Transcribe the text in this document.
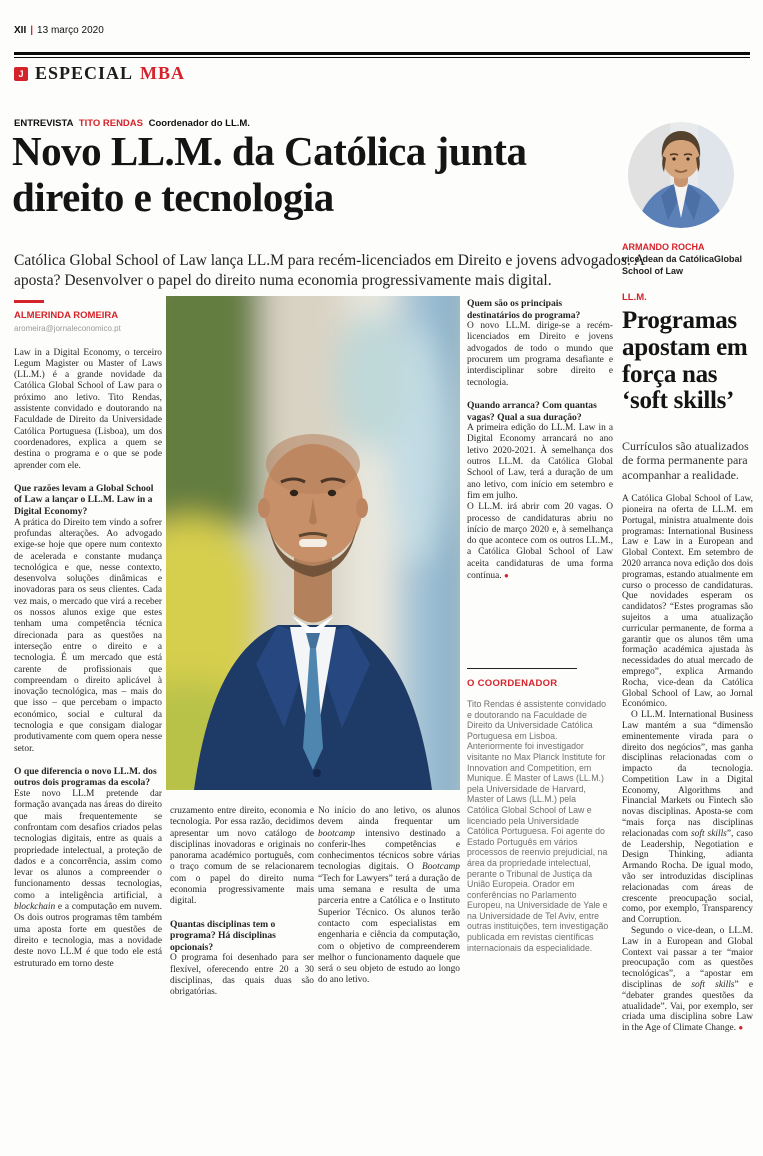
XII | 13 março 2020
J ESPECIAL MBA
ENTREVISTA TITO RENDAS Coordenador do LL.M.
Novo LL.M. da Católica junta direito e tecnologia

Católica Global School of Law lança LL.M para recém-licenciados em Direito e jovens advogados. A aposta? Desenvolver o papel do direito numa economia progressivamente mais digital.

ALMERINDA ROMEIRA
aromeira@jornaleconomico.pt

Law in a Digital Economy, o terceiro Legum Magister ou Master of Laws (LL.M.) é a grande novidade da Católica Global School of Law para o próximo ano letivo. Tito Rendas, assistente convidado e doutorando na Faculdade de Direito da Universidade Católica Portuguesa (Lisboa), um dos coordenadores, explica a quem se destina o programa e o que se pode aprender com ele.

Que razões levam a Global School of Law a lançar o LL.M. Law in a Digital Economy?

A prática do Direito tem vindo a sofrer profundas alterações. Ao advogado exige-se hoje que opere num contexto de acelerada e constante mudança tecnológica e que, nesse contexto, desenvolva soluções dinâmicas e inovadoras para os seus clientes. Cada vez mais, o mercado que virá a receber os nossos alunos exige que estes tenham uma competência técnica direcionada para as questões na interseção entre o direito e a tecnologia. É um mercado que está carente de profissionais que compreendam o direito aplicável à inovação tecnológica, mas – mais do que isso – que percebam o impacto económico, social e cultural da tecnologia e que consigam dialogar produtivamente com quem opera nesse setor.

O que diferencia o novo LL.M. dos outros dois programas da escola?

Este novo LL.M pretende dar formação avançada nas áreas do direito que mais frequentemente se confrontam com desafios criados pelas tecnologias digitais, entre as quais a propriedade intelectual, a proteção de dados e a concorrência, assim como levar os alunos a compreender o funcionamento dessas tecnologias, como a inteligência artificial, a blockchain e a computação em nuvem. Os dois outros programas têm também uma aposta forte em questões de direito e tecnologia, mas a novidade deste novo LL.M é que todo ele está estruturado em torno deste

cruzamento entre direito, economia e tecnologia. Por essa razão, decidimos apresentar um novo catálogo de disciplinas inovadoras e originais no panorama académico português, com o traço comum de se relacionarem com o papel do direito numa economia progressivamente mais digital.

Quantas disciplinas tem o programa? Há disciplinas opcionais?

O programa foi desenhado para ser flexível, oferecendo entre 20 a 30 disciplinas, das quais duas são obrigatórias.

No início do ano letivo, os alunos devem ainda frequentar um bootcamp intensivo destinado a conferir-lhes competências e conhecimentos técnicos sobre várias tecnologias digitais. O Bootcamp “Tech for Lawyers” terá a duração de uma semana e resulta de uma parceria entre a Católica e o Instituto Superior Técnico. Os alunos terão contacto com especialistas em engenharia e ciência da computação, com o objetivo de compreenderem melhor o funcionamento daquele que será o seu objeto de estudo ao longo do ano letivo.

Quem são os principais destinatários do programa?

O novo LL.M. dirige-se a recém-licenciados em Direito e jovens advogados de todo o mundo que procurem um programa desafiante e interdisciplinar sobre direito e tecnologia.

Quando arranca? Com quantas vagas? Qual a sua duração?

A primeira edição do LL.M. Law in a Digital Economy arrancará no ano letivo 2020-2021. À semelhança dos outros LL.M. da Católica Global School of Law, terá a duração de um ano letivo, com início em setembro e fim em julho.

O LL.M. irá abrir com 20 vagas. O processo de candidaturas abriu no início de março 2020 e, à semelhança do que acontece com os outros LL.M., a Católica Global School of Law aceita candidaturas de uma forma contínua. ●

O COORDENADOR

Tito Rendas é assistente convidado e doutorando na Faculdade de Direito da Universidade Católica Portuguesa em Lisboa. Anteriormente foi investigador visitante no Max Planck Institute for Innovation and Competition, em Munique. É Master of Laws (LL.M.) pela Universidade de Harvard, Master of Laws (LL.M.) pela Católica Global School of Law e licenciado pela Universidade Católica Portuguesa. Foi agente do Estado Português em vários processos de reenvio prejudicial, na área da propriedade intelectual, perante o Tribunal de Justiça da União Europeia. Orador em conferências no Parlamento Europeu, na Universidade de Yale e na Universidade de Tel Aviv, entre outras instituições, tem investigação publicada em revistas científicas internacionais da especialidade.

ARMANDO ROCHA
vice-dean da CatólicaGlobal School of Law
LL.M.
Programas apostam em força nas ‘soft skills’

Currículos são atualizados de forma permanente para acompanhar a realidade.

A Católica Global School of Law, pioneira na oferta de LL.M. em Portugal, ministra atualmente dois programas: International Business Law e Law in a European and Global Context. Em setembro de 2020 arranca nova edição dos dois programas, estando atualmente em curso o processo de candidaturas. Que novidades esperam os candidatos? “Estes programas são sujeitos a uma atualização curricular permanente, de forma a garantir que os alunos têm uma formação académica ajustada às necessidades do atual mercado de emprego”, explica Armando Rocha, vice-dean da Católica Global School of Law, ao Jornal Económico.

O LL.M. International Business Law mantém a sua “dimensão eminentemente virada para o direito dos negócios”, mas ganha disciplinas relacionadas com o impacto da tecnologia. Competition Law in a Digital Economy, Algorithms and Financial Markets ou Fintech são novas disciplinas. Aposta-se com “mais força nas disciplinas relacionadas com soft skills”, caso de Leadership, Negotiation e Design Thinking, adianta Armando Rocha. De igual modo, vão ser introduzidas disciplinas relacionadas com áreas de crescente preocupação social, como, por exemplo, Transparency and Corruption.

Segundo o vice-dean, o LL.M. Law in a European and Global Context vai passar a ter “maior preocupação com as questões tecnológicas”, a “apostar em disciplinas de soft skills” e “debater grandes questões da atualidade”. Vai, por exemplo, ser criada uma disciplina sobre Law in the Age of Climate Change. ●
